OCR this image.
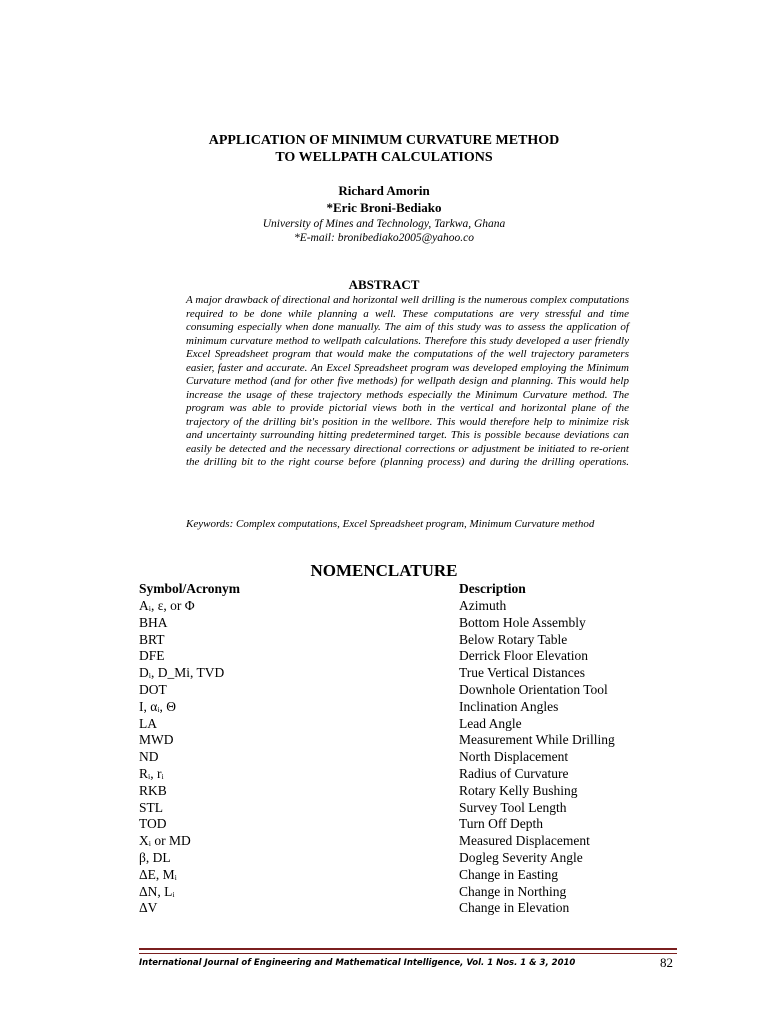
APPLICATION OF MINIMUM CURVATURE METHOD
TO WELLPATH CALCULATIONS
Richard Amorin
*Eric Broni-Bediako
University of Mines and Technology, Tarkwa, Ghana
*E-mail: bronibediako2005@yahoo.co
ABSTRACT

A major drawback of directional and horizontal well drilling is the numerous complex computations required to be done while planning a well. These computations are very stressful and time consuming especially when done manually. The aim of this study was to assess the application of minimum curvature method to wellpath calculations. Therefore this study developed a user friendly Excel Spreadsheet program that would make the computations of the well trajectory parameters easier, faster and accurate. An Excel Spreadsheet program was developed employing the Minimum Curvature method (and for other five methods) for wellpath design and planning. This would help increase the usage of these trajectory methods especially the Minimum Curvature method. The program was able to provide pictorial views both in the vertical and horizontal plane of the trajectory of the drilling bit's position in the wellbore. This would therefore help to minimize risk and uncertainty surrounding hitting predetermined target. This is possible because deviations can easily be detected and the necessary directional corrections or adjustment be initiated to re-orient the drilling bit to the right course before (planning process) and during the drilling operations.

Keywords: Complex computations, Excel Spreadsheet program, Minimum Curvature method

NOMENCLATURE
Symbol/Acronym	Description
Aᵢ, ε, or Φ	Azimuth
BHA	Bottom Hole Assembly
BRT	Below Rotary Table
DFE	Derrick Floor Elevation
Dᵢ, D_Mi, TVD	True Vertical Distances
DOT	Downhole Orientation Tool
I, αᵢ, Θ	Inclination Angles
LA	Lead Angle
MWD	Measurement While Drilling
ND	North Displacement
Rᵢ, rᵢ	Radius of Curvature
RKB	Rotary Kelly Bushing
STL	Survey Tool Length
TOD	Turn Off Depth
Xᵢ or MD	Measured Displacement
β, DL	Dogleg Severity Angle
ΔE, Mᵢ	Change in Easting
ΔN, Lᵢ	Change in Northing
ΔV	Change in Elevation
International Journal of Engineering and Mathematical Intelligence, Vol. 1 Nos. 1 & 3, 2010	82
